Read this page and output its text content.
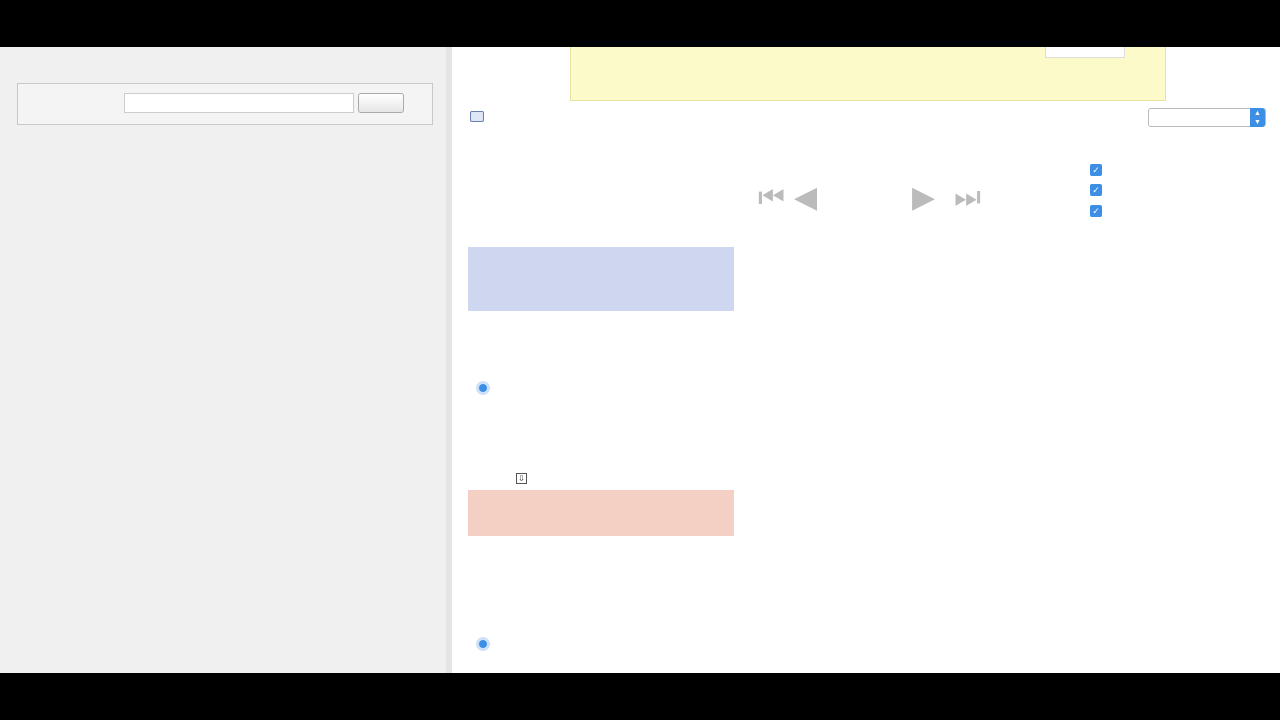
▲
▼
✓
✓
✓
⏮ ◀	▶ ⏭
⇩
